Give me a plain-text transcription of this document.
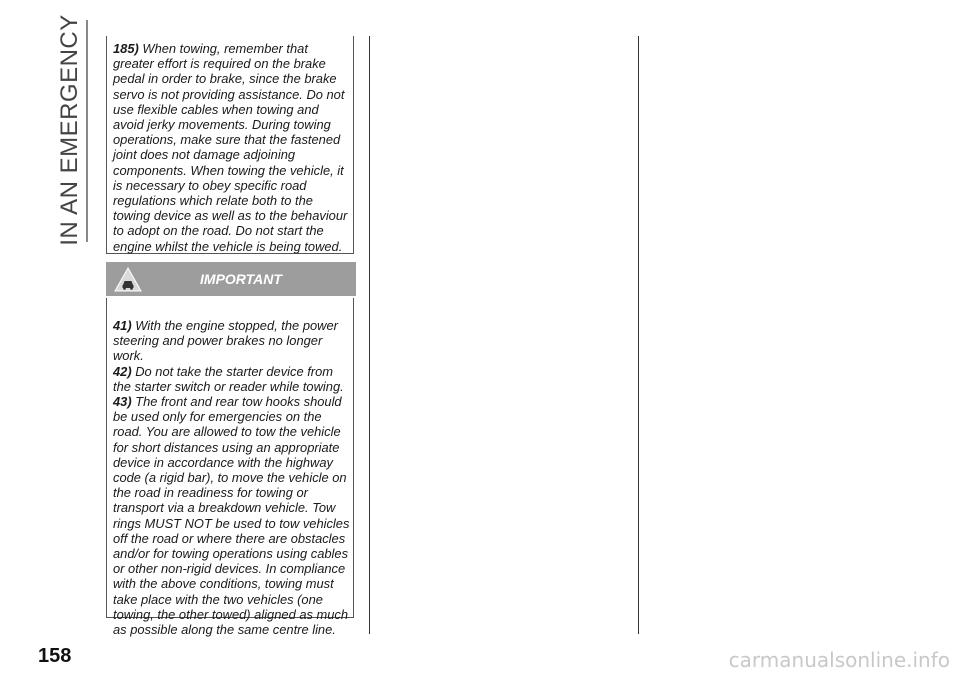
IN AN EMERGENCY 185) When towing, remember that greater effort is required on the brake pedal in order to brake, since the brake servo is not providing assistance. Do not use flexible cables when towing and avoid jerky movements. During towing operations, make sure that the fastened joint does not damage adjoining components. When towing the vehicle, it is necessary to obey specific road regulations which relate both to the towing device as well as to the behaviour to adopt on the road. Do not start the engine whilst the vehicle is being towed.
IMPORTANT
41) With the engine stopped, the power steering and power brakes no longer work.
42) Do not take the starter device from the starter switch or reader while towing.
43) The front and rear tow hooks should be used only for emergencies on the road. You are allowed to tow the vehicle for short distances using an appropriate device in accordance with the highway code (a rigid bar), to move the vehicle on the road in readiness for towing or transport via a breakdown vehicle. Tow rings MUST NOT be used to tow vehicles off the road or where there are obstacles and/or for towing operations using cables or other non-rigid devices. In compliance with the above conditions, towing must take place with the two vehicles (one towing, the other towed) aligned as much as possible along the same centre line.
158	carmanualsonline.info
